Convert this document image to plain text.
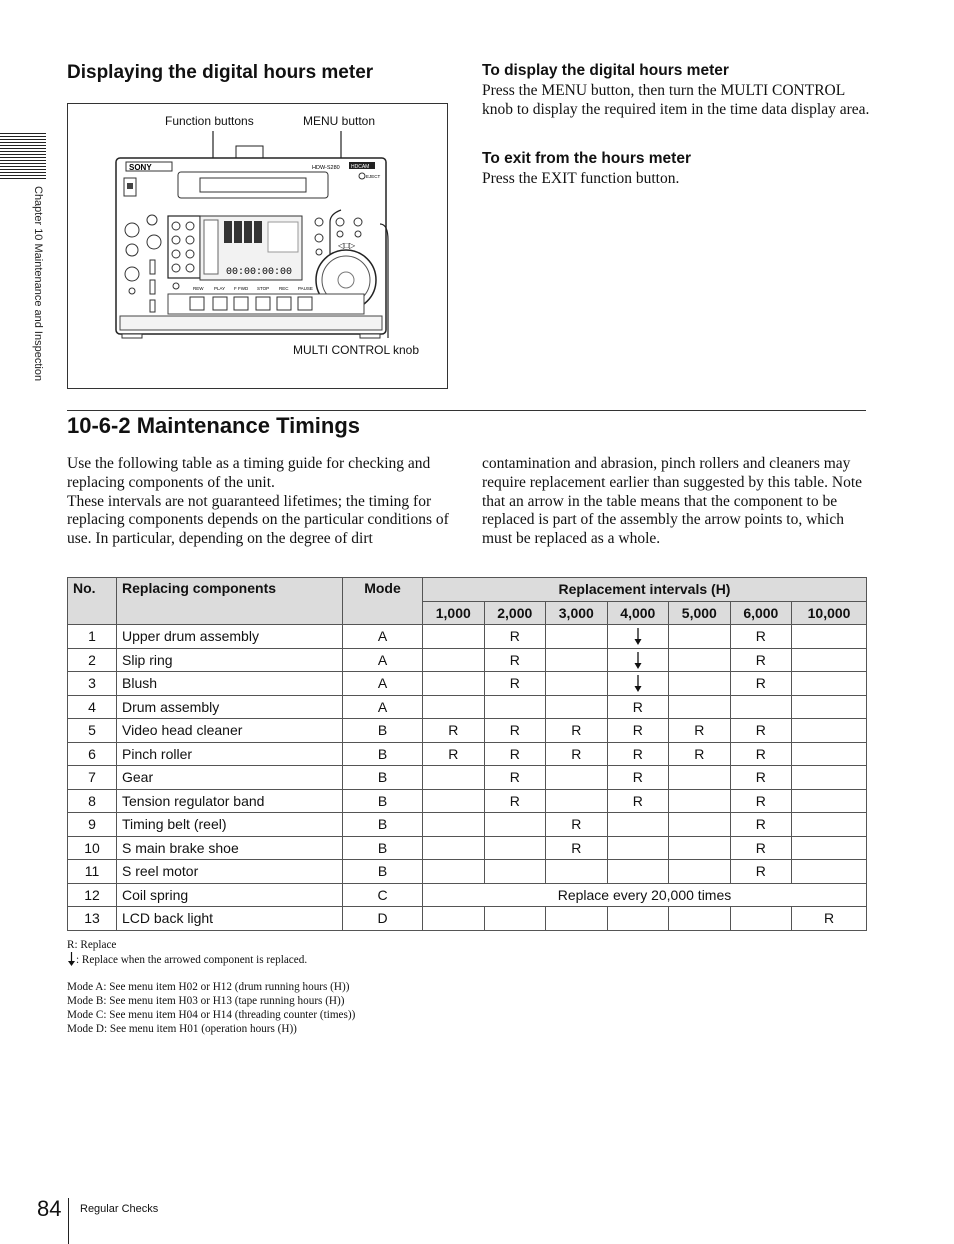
Chapter 10 Maintenance and Inspection
Displaying the digital hours meter
Function buttons	MENU button
MULTI CONTROL knob
SONY	HDW-S280 HDCAM
EJECT
00:00:00:00
◁□▷
REW PLAY F FWD STOP REC PAUSE
To display the digital hours meter
Press the MENU button, then turn the MULTI CONTROL knob to display the required item in the time data display area.
To exit from the hours meter
Press the EXIT function button.
10-6-2 Maintenance Timings
Use the following table as a timing guide for checking and replacing components of the unit.
These intervals are not guaranteed lifetimes; the timing for replacing components depends on the particular conditions of use. In particular, depending on the degree of dirt
contamination and abrasion, pinch rollers and cleaners may require replacement earlier than suggested by this table. Note that an arrow in the table means that the component to be replaced is part of the assembly the arrow points to, which must be replaced as a whole.
No.	Replacing components	Mode	Replacement intervals (H)						
			1,000	2,000	3,000	4,000	5,000	6,000	10,000
1	Upper drum assembly	A		R				R	
2	Slip ring	A		R				R	
3	Blush	A		R				R	
4	Drum assembly	A				R			
5	Video head cleaner	B	R	R	R	R	R	R	
6	Pinch roller	B	R	R	R	R	R	R	
7	Gear	B		R		R		R	
8	Tension regulator band	B		R		R		R	
9	Timing belt (reel)	B			R			R	
10	S main brake shoe	B			R			R	
11	S reel motor	B						R	
12	Coil spring	C	Replace every 20,000 times						
13	LCD back light	D							R
R: Replace
: Replace when the arrowed component is replaced.
Mode A: See menu item H02 or H12 (drum running hours (H))
Mode B: See menu item H03 or H13 (tape running hours (H))
Mode C: See menu item H04 or H14 (threading counter (times))
Mode D: See menu item H01 (operation hours (H))
84 Regular Checks
